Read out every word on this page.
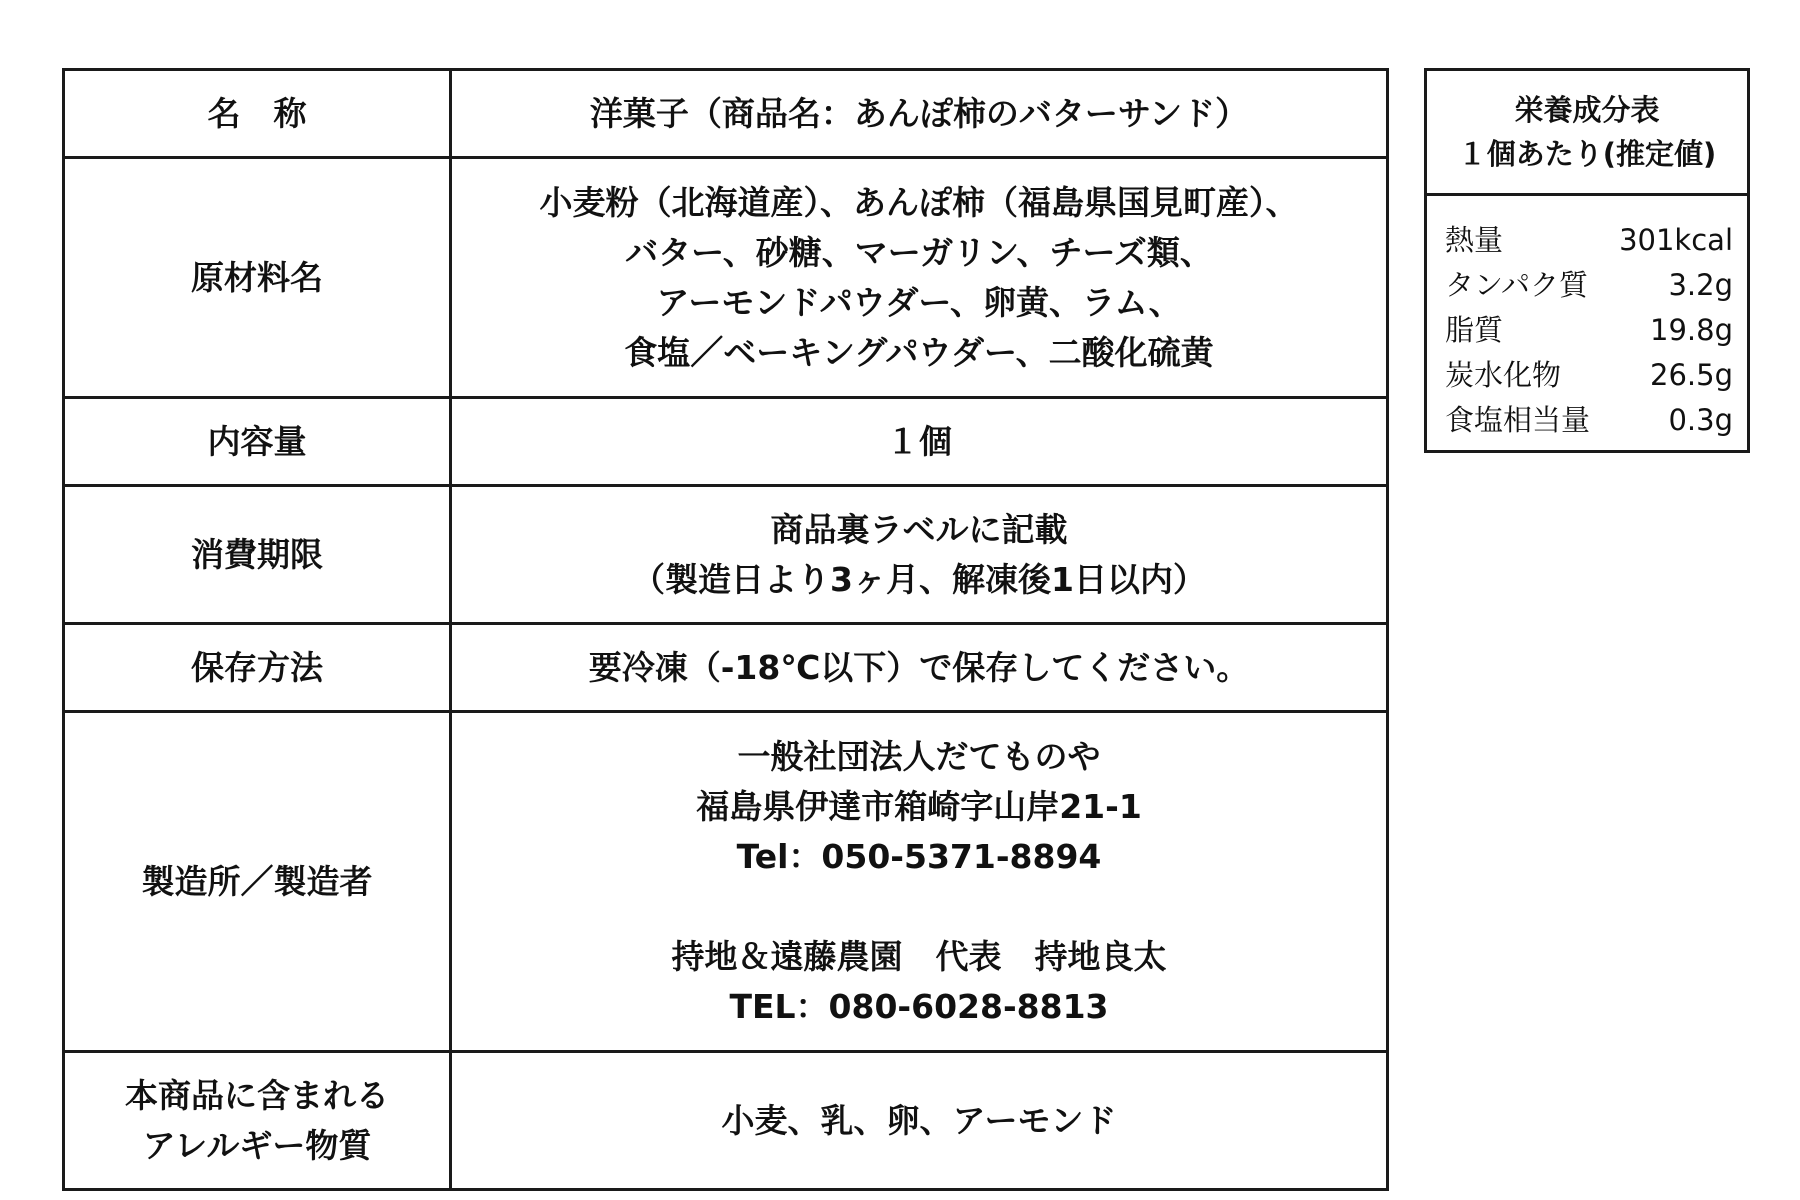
名　称	洋菓子（商品名：あんぽ柿のバターサンド）

原材料名	小麦粉（北海道産）、あんぽ柿（福島県国見町産）、
バター、砂糖、マーガリン、チーズ類、
アーモンドパウダー、卵黄、ラム、
食塩／ベーキングパウダー、二酸化硫黄

内容量	１個

消費期限	商品裏ラベルに記載
（製造日より3ヶ月、解凍後1日以内）

保存方法	要冷凍（-18℃以下）で保存してください。

製造所／製造者	一般社団法人だてものや
福島県伊達市箱崎字山岸21-1
Tel：050-5371-8894
持地＆遠藤農園　代表　持地良太
TEL：080-6028-8813

本商品に含まれる
アレルギー物質	小麦、乳、卵、アーモンド
栄養成分表
１個あたり(推定値)
熱量	301kcal
タンパク質	3.2g
脂質	19.8g
炭水化物	26.5g
食塩相当量	0.3g
